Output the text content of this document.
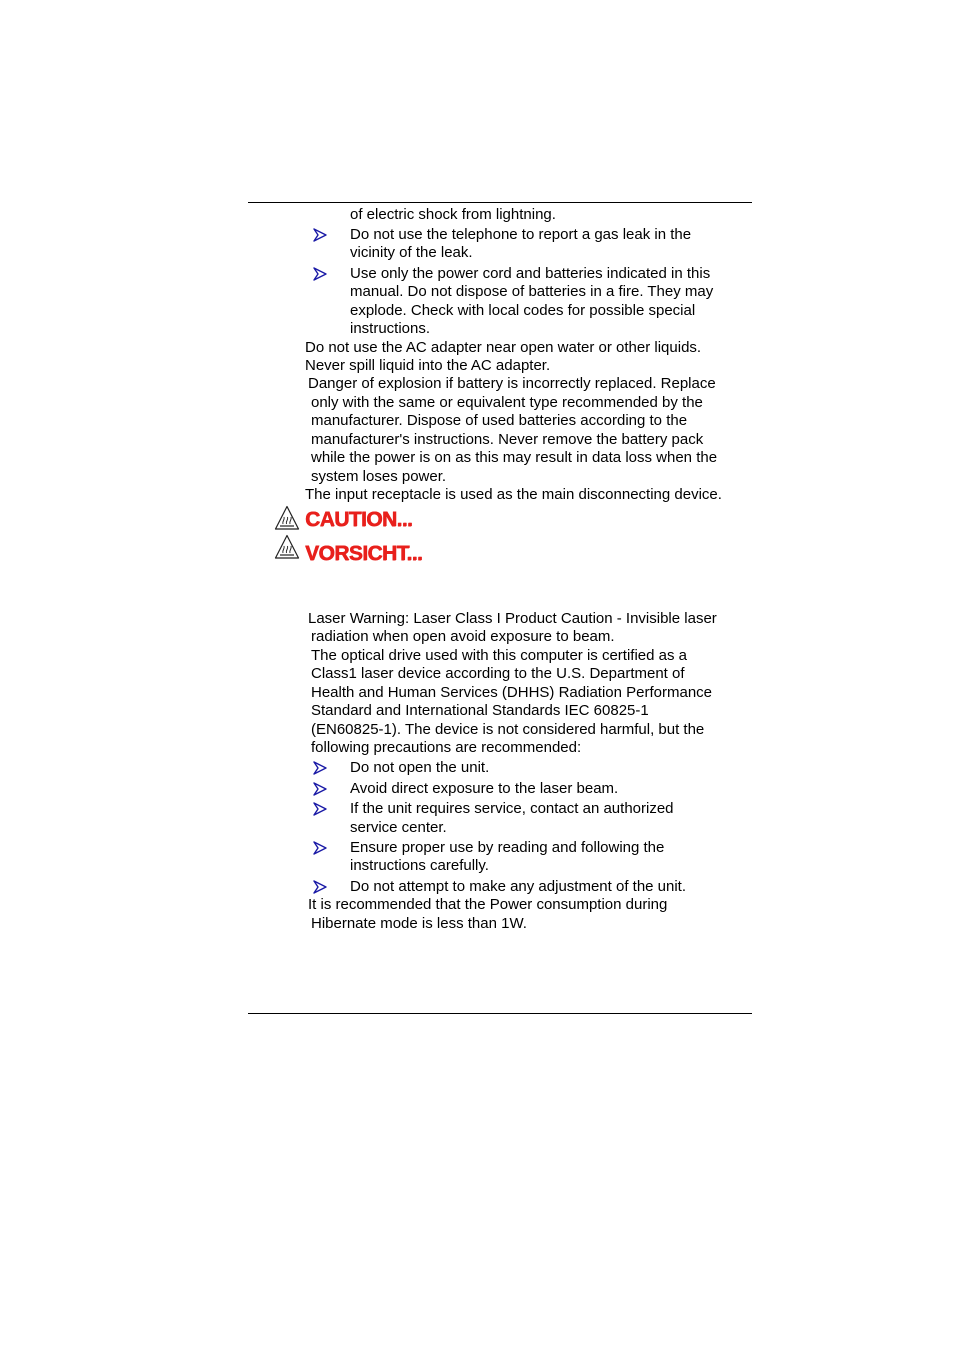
of electric shock from lightning.
Do not use the telephone to report a gas leak in the
vicinity of the leak.
Use only the power cord and batteries indicated in this
manual. Do not dispose of batteries in a fire. They may
explode. Check with local codes for possible special
instructions.
Do not use the AC adapter near open water or other liquids.
Never spill liquid into the AC adapter.
Danger of explosion if battery is incorrectly replaced. Replace
only with the same or equivalent type recommended by the
manufacturer. Dispose of used batteries according to the
manufacturer's instructions. Never remove the battery pack
while the power is on as this may result in data loss when the
system loses power.
The input receptacle is used as the main disconnecting device.
CAUTION...
VORSICHT...
Laser Warning: Laser Class I Product Caution - Invisible laser
radiation when open avoid exposure to beam.
The optical drive used with this computer is certified as a
Class1 laser device according to the U.S. Department of
Health and Human Services (DHHS) Radiation Performance
Standard and International Standards IEC 60825-1
(EN60825-1). The device is not considered harmful, but the
following precautions are recommended:
Do not open the unit.
Avoid direct exposure to the laser beam.
If the unit requires service, contact an authorized
service center.
Ensure proper use by reading and following the
instructions carefully.
Do not attempt to make any adjustment of the unit.
It is recommended that the Power consumption during
Hibernate mode is less than 1W.
